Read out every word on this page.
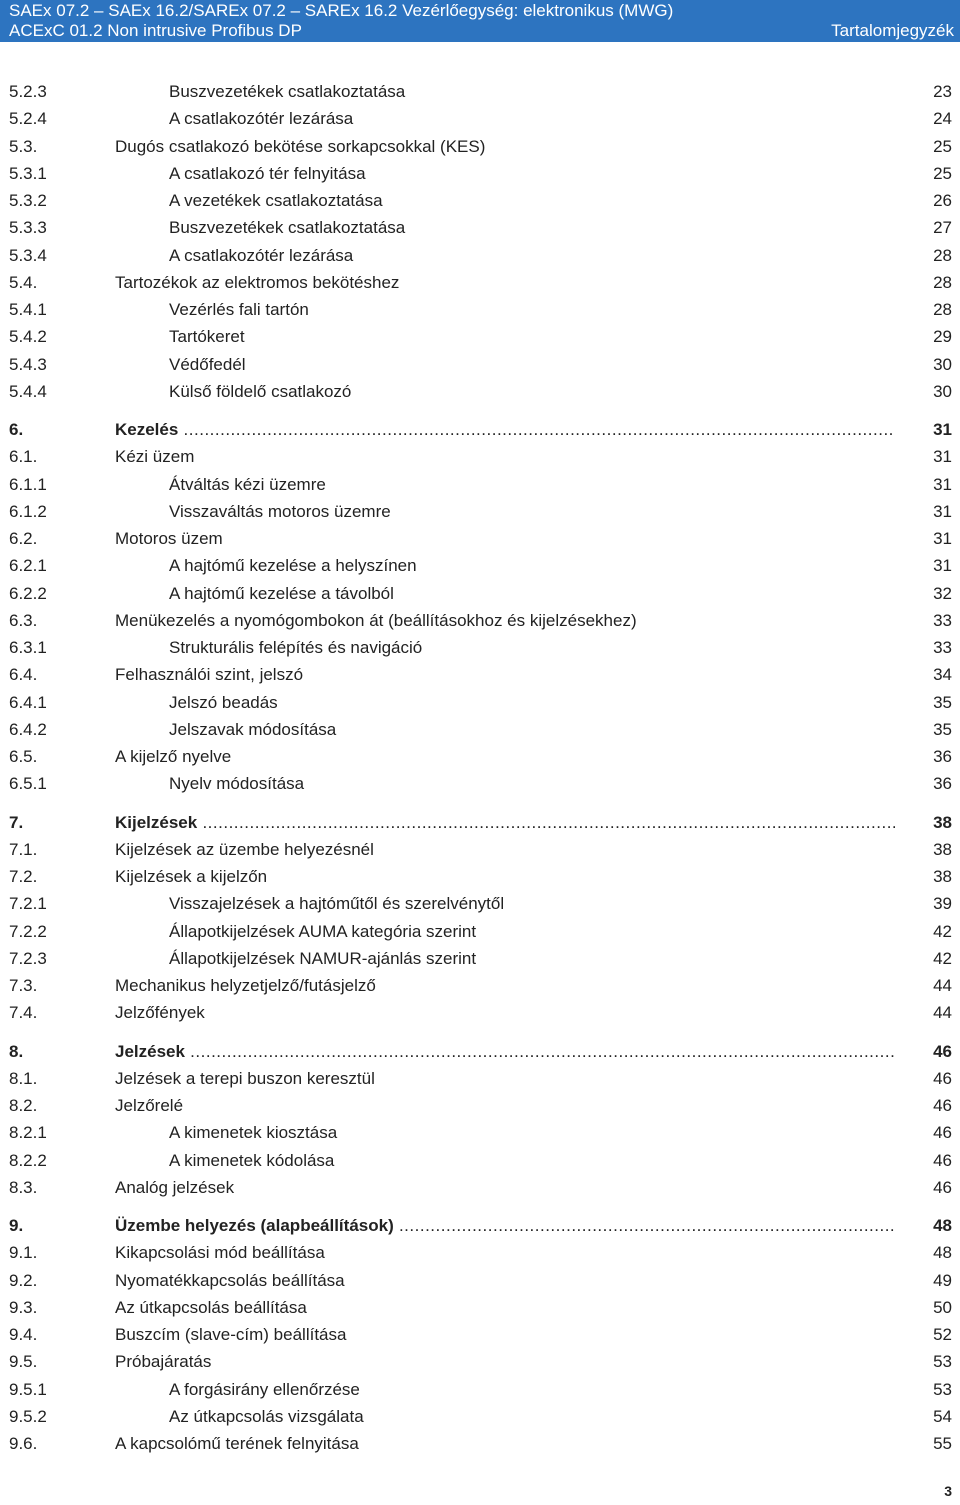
SAEx 07.2 – SAEx 16.2/SAREx 07.2 – SAREx 16.2 Vezérlőegység: elektronikus (MWG)
ACExC 01.2 Non intrusive Profibus DP	Tartalomjegyzék
5.2.3	Buszvezetékek csatlakoztatása	23
5.2.4	A csatlakozótér lezárása	24
5.3.	Dugós csatlakozó bekötése sorkapcsokkal (KES)	25
5.3.1	A csatlakozó tér felnyitása	25
5.3.2	A vezetékek csatlakoztatása	26
5.3.3	Buszvezetékek csatlakoztatása	27
5.3.4	A csatlakozótér lezárása	28
5.4.	Tartozékok az elektromos bekötéshez	28
5.4.1	Vezérlés fali tartón	28
5.4.2	Tartókeret	29
5.4.3	Védőfedél	30
5.4.4	Külső földelő csatlakozó	30
6.	Kezelés .....	31
6.1.	Kézi üzem	31
6.1.1	Átváltás kézi üzemre	31
6.1.2	Visszaváltás motoros üzemre	31
6.2.	Motoros üzem	31
6.2.1	A hajtómű kezelése a helyszínen	31
6.2.2	A hajtómű kezelése a távolból	32
6.3.	Menükezelés a nyomógombokon át (beállításokhoz és kijelzésekhez)	33
6.3.1	Strukturális felépítés és navigáció	33
6.4.	Felhasználói szint, jelszó	34
6.4.1	Jelszó beadás	35
6.4.2	Jelszavak módosítása	35
6.5.	A kijelző nyelve	36
6.5.1	Nyelv módosítása	36
7.	Kijelzések .....	38
7.1.	Kijelzések az üzembe helyezésnél	38
7.2.	Kijelzések a kijelzőn	38
7.2.1	Visszajelzések a hajtóműtől és szerelvénytől	39
7.2.2	Állapotkijelzések AUMA kategória szerint	42
7.2.3	Állapotkijelzések NAMUR-ajánlás szerint	42
7.3.	Mechanikus helyzetjelző/futásjelző	44
7.4.	Jelzőfények	44
8.	Jelzések .....	46
8.1.	Jelzések a terepi buszon keresztül	46
8.2.	Jelzőrelé	46
8.2.1	A kimenetek kiosztása	46
8.2.2	A kimenetek kódolása	46
8.3.	Analóg jelzések	46
9.	Üzembe helyezés (alapbeállítások) .....	48
9.1.	Kikapcsolási mód beállítása	48
9.2.	Nyomatékkapcsolás beállítása	49
9.3.	Az útkapcsolás beállítása	50
9.4.	Buszcím (slave-cím) beállítása	52
9.5.	Próbajáratás	53
9.5.1	A forgásirány ellenőrzése	53
9.5.2	Az útkapcsolás vizsgálata	54
9.6.	A kapcsolómű terének felnyitása	55
3
